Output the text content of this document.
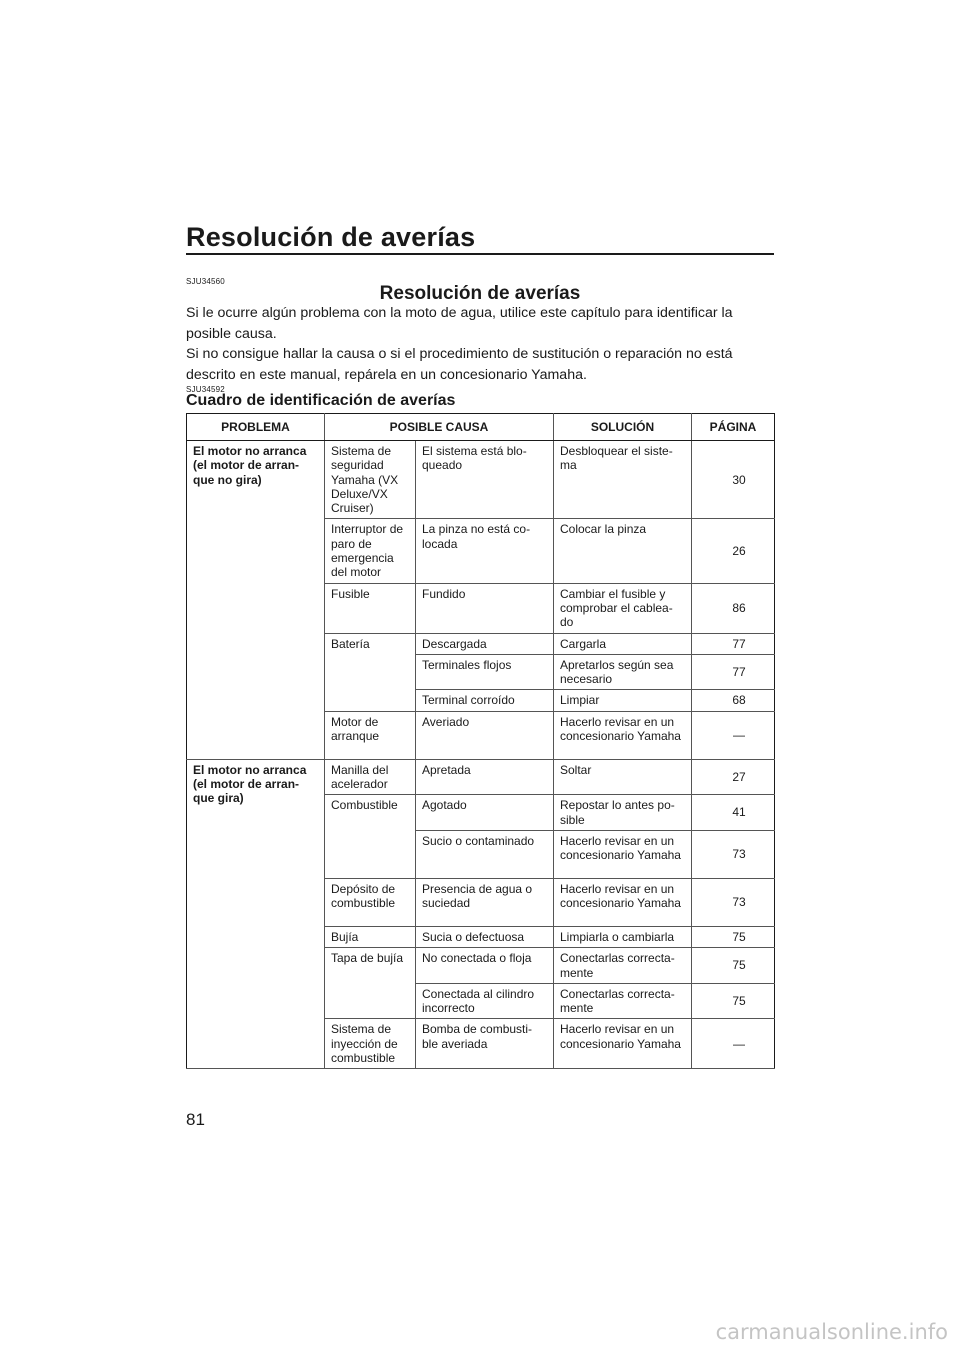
Resolución de averías
SJU34560
Resolución de averías

Si le ocurre algún problema con la moto de agua, utilice este capítulo para identificar la posible causa.

Si no consigue hallar la causa o si el procedimiento de sustitución o reparación no está descrito en este manual, repárela en un concesionario Yamaha.

SJU34592
Cuadro de identificación de averías
PROBLEMA	POSIBLE CAUSA		SOLUCIÓN	PÁGINA
El motor no arranca (el motor de arran-que no gira)	Sistema de seguridad Yamaha (VX Deluxe/VX Cruiser)	El sistema está blo-queado	Desbloquear el siste-ma	30
	Interruptor de paro de emergencia del motor	La pinza no está co-locada	Colocar la pinza	26
	Fusible	Fundido	Cambiar el fusible y comprobar el cablea-do	86
	Batería	Descargada	Cargarla	77
		Terminales flojos	Apretarlos según sea necesario	77
		Terminal corroído	Limpiar	68
	Motor de arranque	Averiado	Hacerlo revisar en un concesionario Yamaha	—
El motor no arranca (el motor de arran-que gira)	Manilla del acelerador	Apretada	Soltar	27
	Combustible	Agotado	Repostar lo antes po-sible	41
		Sucio o contaminado	Hacerlo revisar en un concesionario Yamaha	73
	Depósito de combustible	Presencia de agua o suciedad	Hacerlo revisar en un concesionario Yamaha	73
	Bujía	Sucia o defectuosa	Limpiarla o cambiarla	75
	Tapa de bujía	No conectada o floja	Conectarlas correcta-mente	75
		Conectada al cilindro incorrecto	Conectarlas correcta-mente	75
	Sistema de inyección de combustible	Bomba de combusti-ble averiada	Hacerlo revisar en un concesionario Yamaha	—
81
carmanualsonline.info
